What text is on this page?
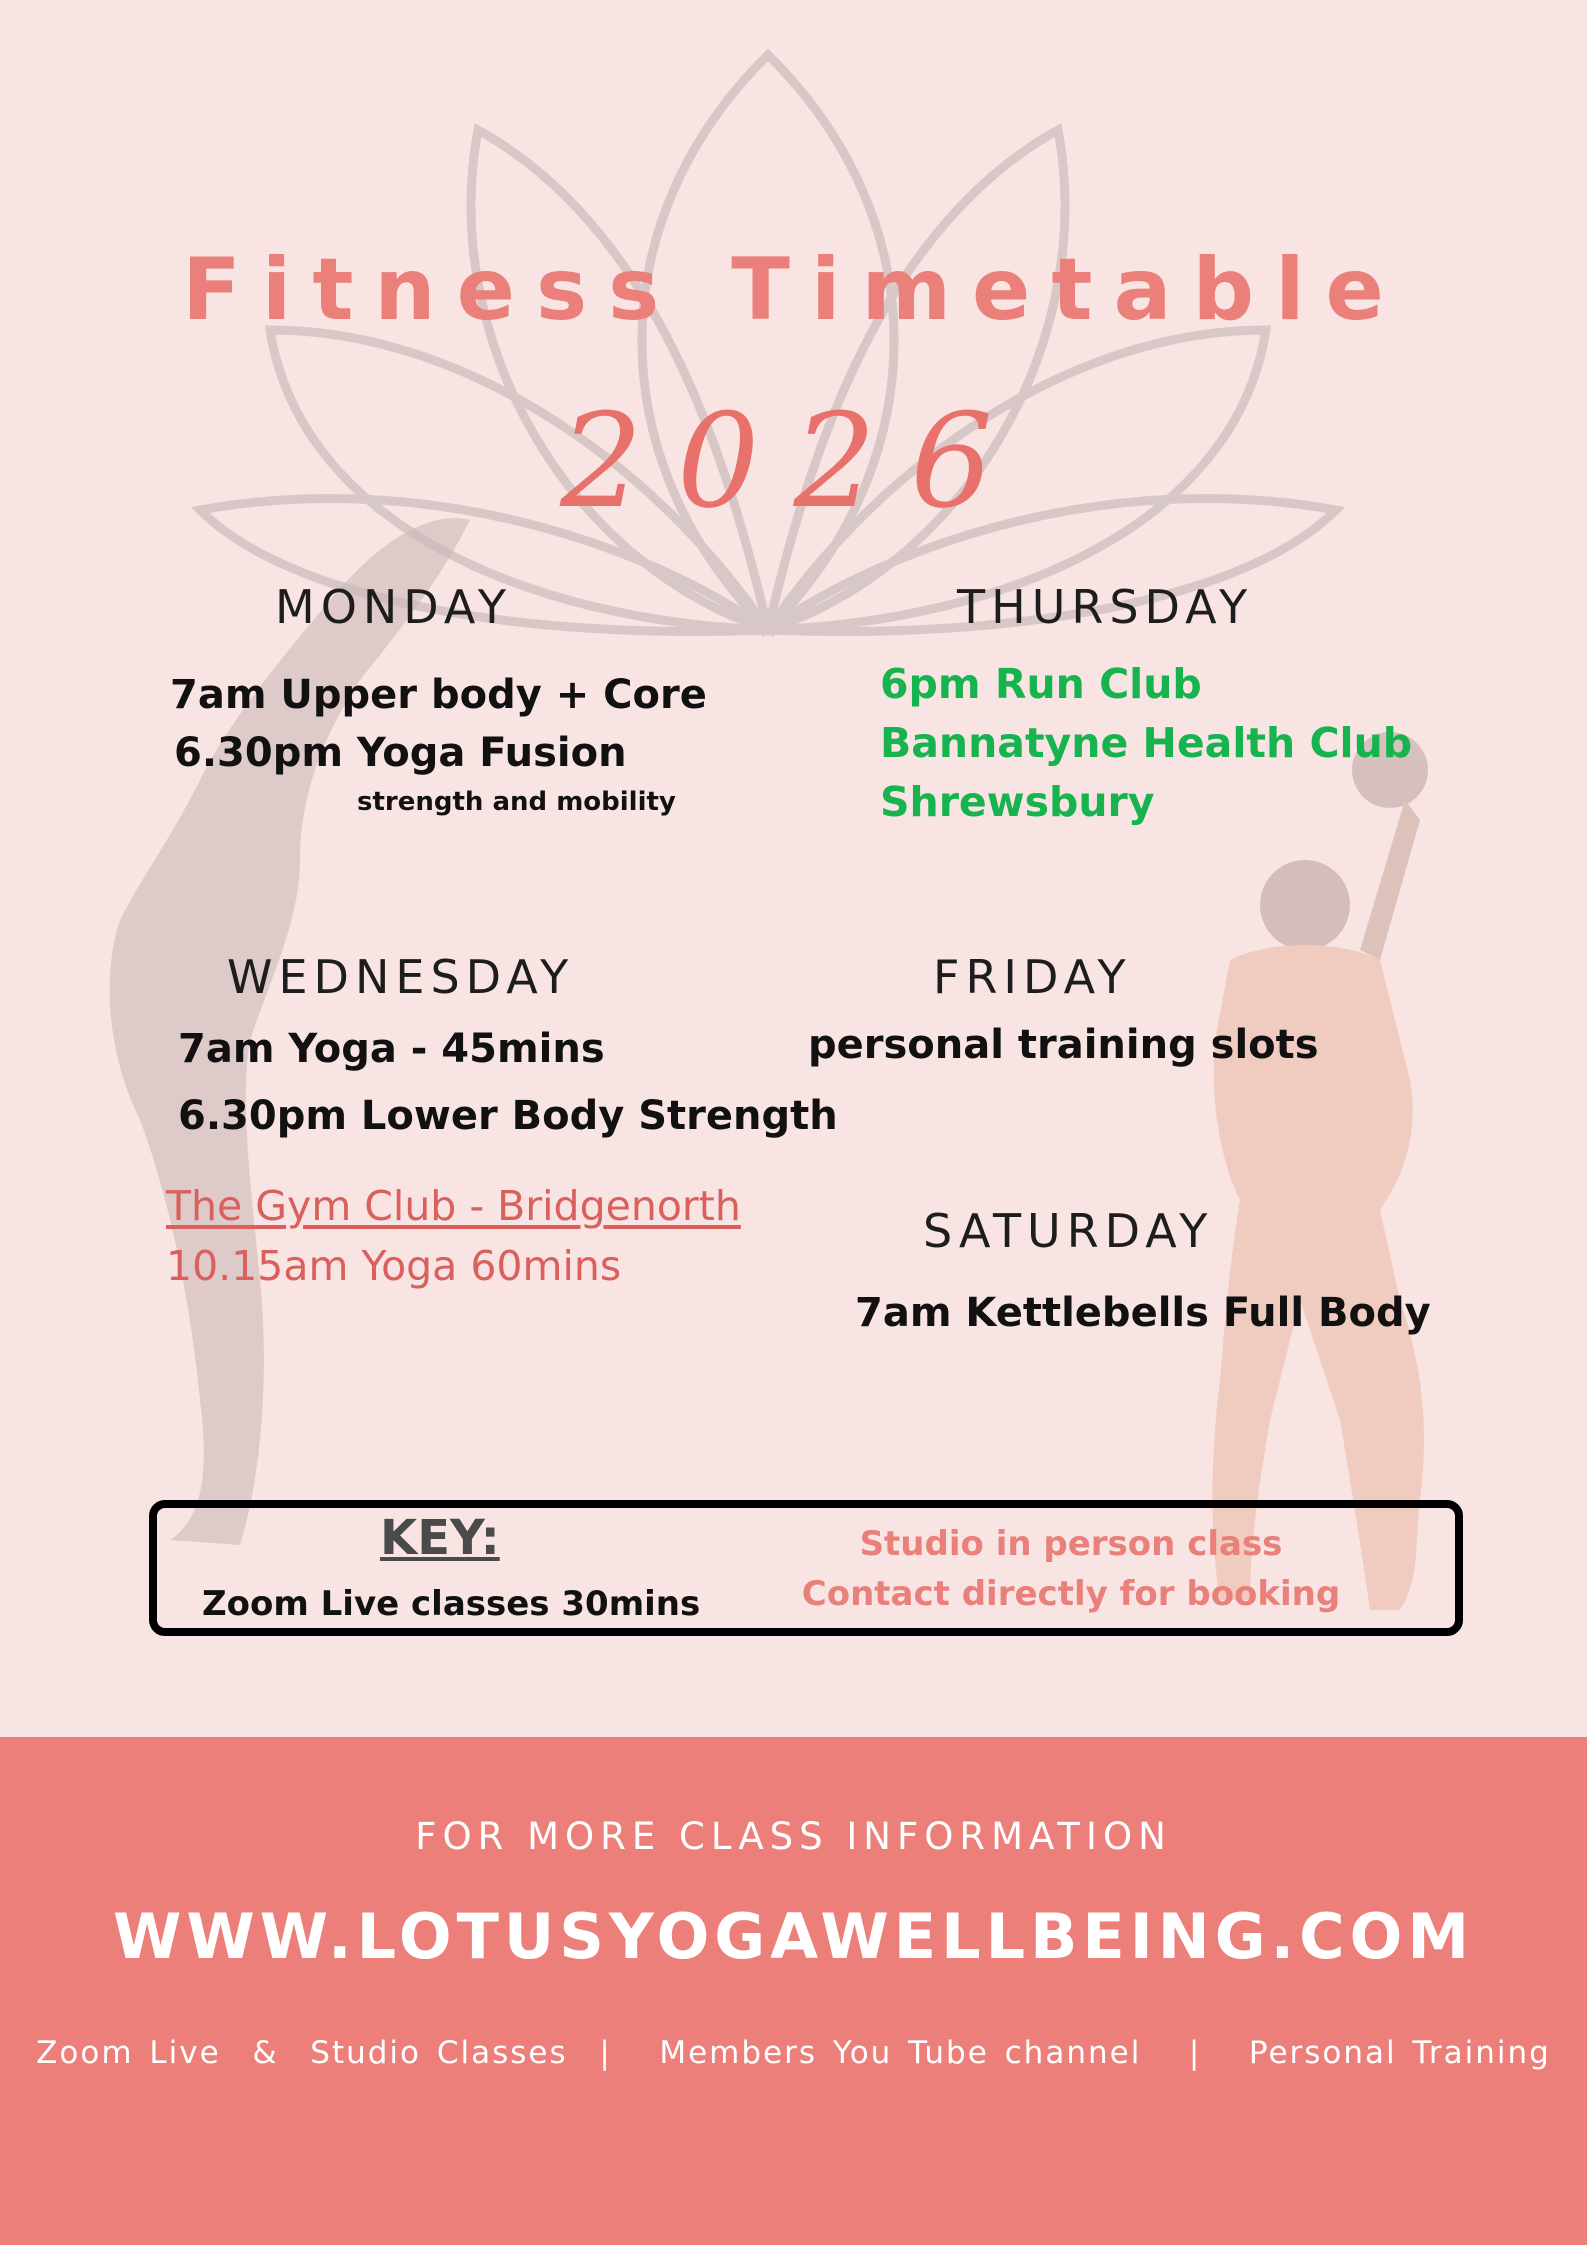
Fitness Timetable
2026
MONDAY
7am Upper body + Core
6.30pm Yoga Fusion
strength and mobility
THURSDAY
6pm Run Club
Bannatyne Health Club
Shrewsbury
WEDNESDAY
7am Yoga - 45mins
6.30pm Lower Body Strength
The Gym Club - Bridgenorth
10.15am Yoga 60mins
FRIDAY
personal training slots
SATURDAY
7am Kettlebells Full Body
KEY:
Zoom Live classes 30mins
Studio in person class
Contact directly for booking
FOR MORE CLASS INFORMATION
WWW.LOTUSYOGAWELLBEING.COM
Zoom Live  &  Studio Classes  |   Members You Tube channel   |   Personal Training
